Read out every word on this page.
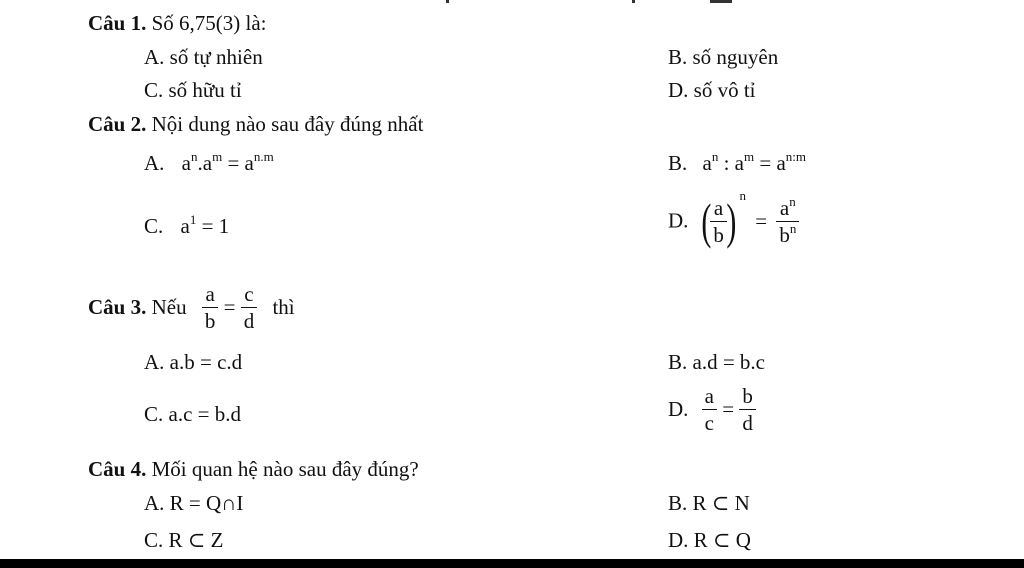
Câu 1. Số 6,75(3) là:
A. số tự nhiên	B. số nguyên
C. số hữu tỉ	D. số vô tỉ
Câu 2. Nội dung nào sau đây đúng nhất
A. $a^n.a^m = a^{n.m}$	B. $a^n$ : $a^m = a^{n:m}$
C. $a^1 = 1$	D. ( $\frac{a}{b}$ ) $^n = \frac{a^n}{b^n}$
Câu 3. Nếu $\frac{a}{b} = \frac{c}{d}$ thì
A. a.b = c.d	B. a.d = b.c
C. a.c = b.d	D. $\frac{a}{c} = \frac{b}{d}$
Câu 4. Mối quan hệ nào sau đây đúng?
A. R = Q∩I	B. R ⊂ N
C. R ⊂ Z	D. R ⊂ Q
